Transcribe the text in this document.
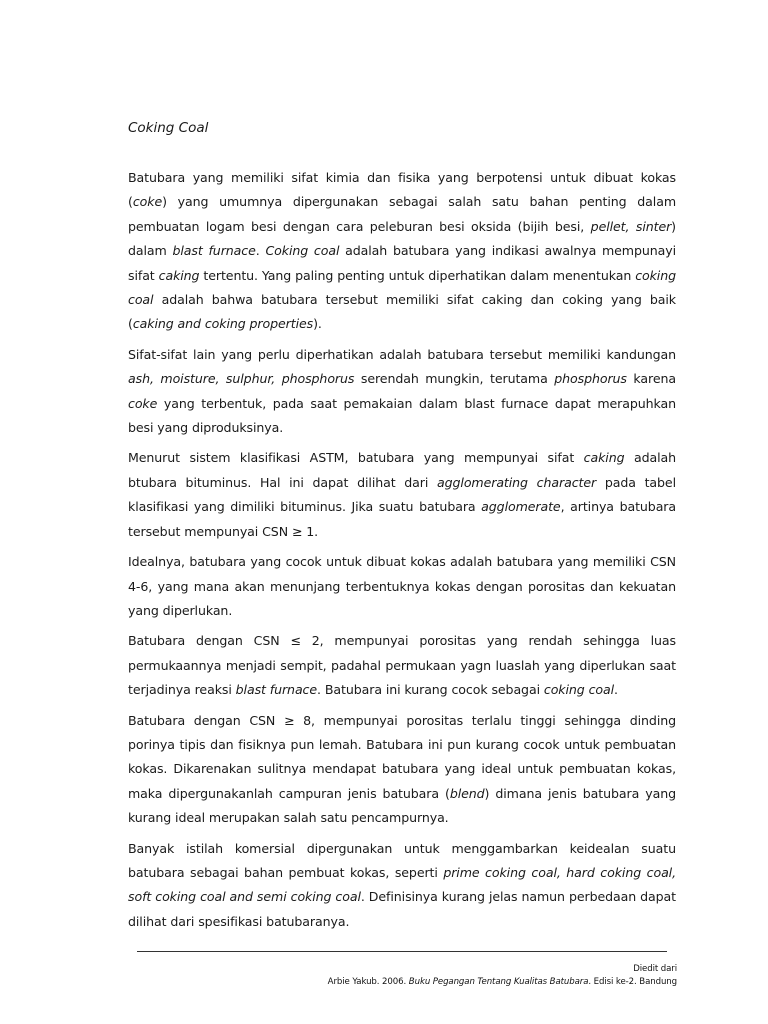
Coking Coal

Batubara yang memiliki sifat kimia dan fisika yang berpotensi untuk dibuat kokas (coke) yang umumnya dipergunakan sebagai salah satu bahan penting dalam pembuatan logam besi dengan cara peleburan besi oksida (bijih besi, pellet, sinter) dalam blast furnace. Coking coal adalah batubara yang indikasi awalnya mempunayi sifat caking tertentu. Yang paling penting untuk diperhatikan dalam menentukan coking coal adalah bahwa batubara tersebut memiliki sifat caking dan coking yang baik (caking and coking properties).

Sifat-sifat lain yang perlu diperhatikan adalah batubara tersebut memiliki kandungan ash, moisture, sulphur, phosphorus serendah mungkin, terutama phosphorus karena coke yang terbentuk, pada saat pemakaian dalam blast furnace dapat merapuhkan besi yang diproduksinya.

Menurut sistem klasifikasi ASTM, batubara yang mempunyai sifat caking adalah btubara bituminus. Hal ini dapat dilihat dari agglomerating character pada tabel klasifikasi yang dimiliki bituminus. Jika suatu batubara agglomerate, artinya batubara tersebut mempunyai CSN ≥ 1.

Idealnya, batubara yang cocok untuk dibuat kokas adalah batubara yang memiliki CSN 4-6, yang mana akan menunjang terbentuknya kokas dengan porositas dan kekuatan yang diperlukan.

Batubara dengan CSN ≤ 2, mempunyai porositas yang rendah sehingga luas permukaannya menjadi sempit, padahal permukaan yagn luaslah yang diperlukan saat terjadinya reaksi blast furnace. Batubara ini kurang cocok sebagai coking coal.

Batubara dengan CSN ≥ 8, mempunyai porositas terlalu tinggi sehingga dinding porinya tipis dan fisiknya pun lemah. Batubara ini pun kurang cocok untuk pembuatan kokas. Dikarenakan sulitnya mendapat batubara yang ideal untuk pembuatan kokas, maka dipergunakanlah campuran jenis batubara (blend) dimana jenis batubara yang kurang ideal merupakan salah satu pencampurnya.

Banyak istilah komersial dipergunakan untuk menggambarkan keidealan suatu batubara sebagai bahan pembuat kokas, seperti prime coking coal, hard coking coal, soft coking coal and semi coking coal. Definisinya kurang jelas namun perbedaan dapat dilihat dari spesifikasi batubaranya.

Diedit dari
Arbie Yakub. 2006. Buku Pegangan Tentang Kualitas Batubara. Edisi ke-2. Bandung
